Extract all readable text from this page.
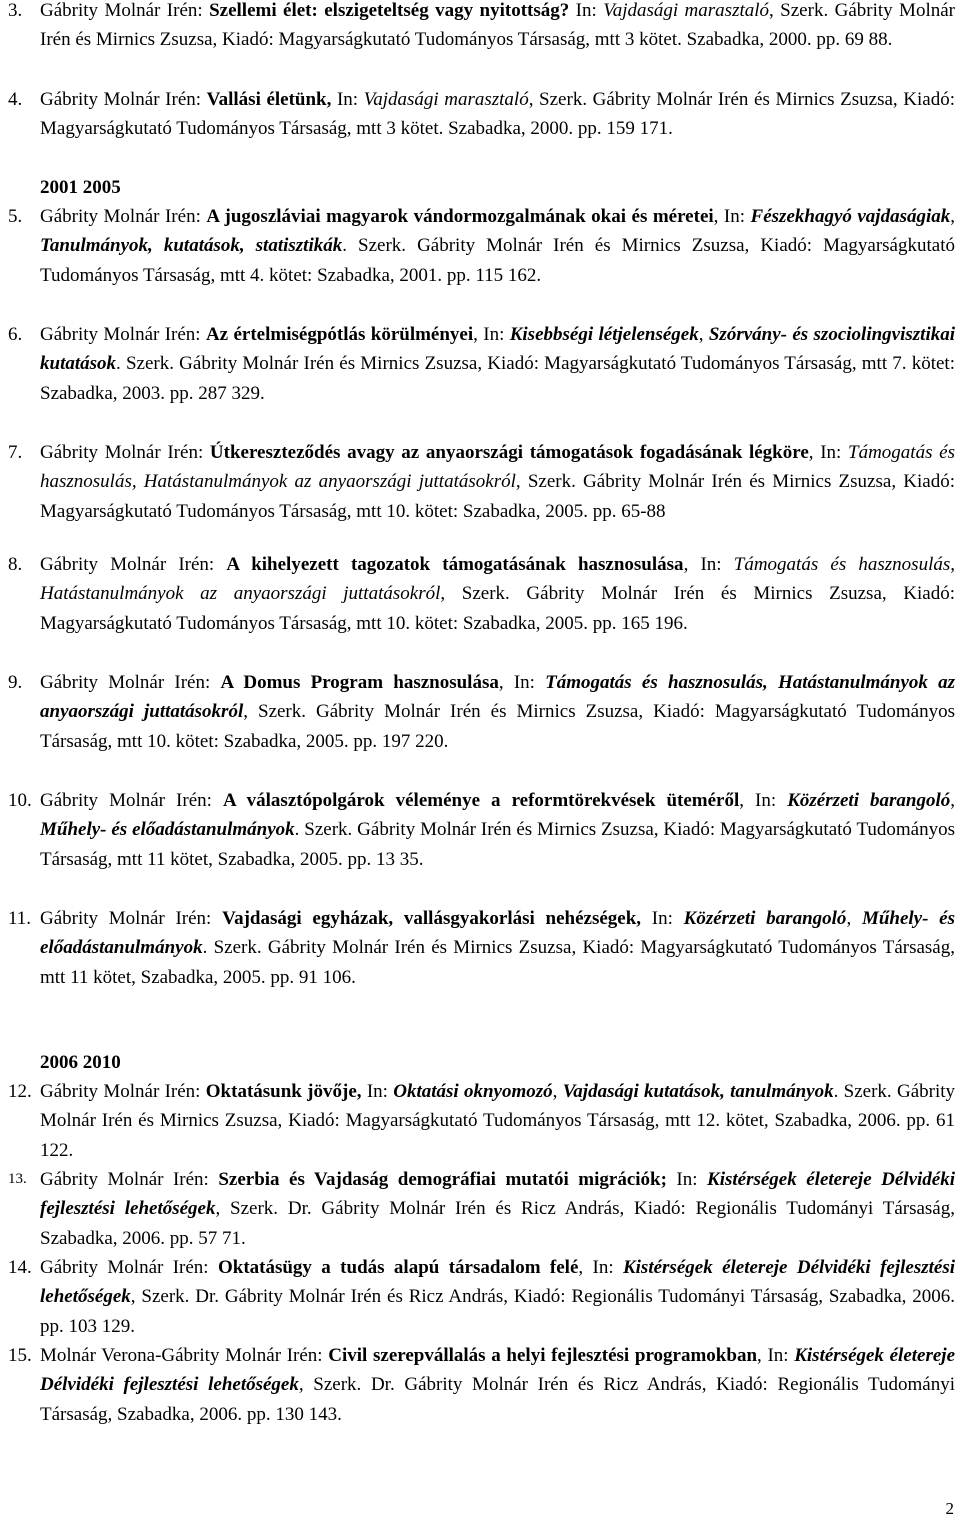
3. Gábrity Molnár Irén: Szellemi élet: elszigeteltség vagy nyitottság? In: Vajdasági marasztaló, Szerk. Gábrity Molnár Irén és Mirnics Zsuzsa, Kiadó: Magyarságkutató Tudományos Társaság, mtt 3 kötet. Szabadka, 2000. pp. 69 88.
4. Gábrity Molnár Irén: Vallási életünk, In: Vajdasági marasztaló, Szerk. Gábrity Molnár Irén és Mirnics Zsuzsa, Kiadó: Magyarságkutató Tudományos Társaság, mtt 3 kötet. Szabadka, 2000. pp. 159 171.
2001 2005
5. Gábrity Molnár Irén: A jugoszláviai magyarok vándormozgalmának okai és méretei, In: Fészekhagyó vajdaságiak, Tanulmányok, kutatások, statisztikák. Szerk. Gábrity Molnár Irén és Mirnics Zsuzsa, Kiadó: Magyarságkutató Tudományos Társaság, mtt 4. kötet: Szabadka, 2001. pp. 115 162.
6. Gábrity Molnár Irén: Az értelmiségpótlás körülményei, In: Kisebbségi létjelenségek, Szórvány- és szociolingvisztikai kutatások. Szerk. Gábrity Molnár Irén és Mirnics Zsuzsa, Kiadó: Magyarságkutató Tudományos Társaság, mtt 7. kötet: Szabadka, 2003. pp. 287 329.
7. Gábrity Molnár Irén: Útkereszteződés avagy az anyaországi támogatások fogadásának légköre, In: Támogatás és hasznosulás, Hatástanulmányok az anyaországi juttatásokról, Szerk. Gábrity Molnár Irén és Mirnics Zsuzsa, Kiadó: Magyarságkutató Tudományos Társaság, mtt 10. kötet: Szabadka, 2005. pp. 65-88
8. Gábrity Molnár Irén: A kihelyezett tagozatok támogatásának hasznosulása, In: Támogatás és hasznosulás, Hatástanulmányok az anyaországi juttatásokról, Szerk. Gábrity Molnár Irén és Mirnics Zsuzsa, Kiadó: Magyarságkutató Tudományos Társaság, mtt 10. kötet: Szabadka, 2005. pp. 165 196.
9. Gábrity Molnár Irén: A Domus Program hasznosulása, In: Támogatás és hasznosulás, Hatástanulmányok az anyaországi juttatásokról, Szerk. Gábrity Molnár Irén és Mirnics Zsuzsa, Kiadó: Magyarságkutató Tudományos Társaság, mtt 10. kötet: Szabadka, 2005. pp. 197 220.
10. Gábrity Molnár Irén: A választópolgárok véleménye a reformtörekvések üteméről, In: Közérzeti barangoló, Műhely- és előadástanulmányok. Szerk. Gábrity Molnár Irén és Mirnics Zsuzsa, Kiadó: Magyarságkutató Tudományos Társaság, mtt 11 kötet, Szabadka, 2005. pp. 13 35.
11. Gábrity Molnár Irén: Vajdasági egyházak, vallásgyakorlási nehézségek, In: Közérzeti barangoló, Műhely- és előadástanulmányok. Szerk. Gábrity Molnár Irén és Mirnics Zsuzsa, Kiadó: Magyarságkutató Tudományos Társaság, mtt 11 kötet, Szabadka, 2005. pp. 91 106.
2006 2010
12. Gábrity Molnár Irén: Oktatásunk jövője, In: Oktatási oknyomozó, Vajdasági kutatások, tanulmányok. Szerk. Gábrity Molnár Irén és Mirnics Zsuzsa, Kiadó: Magyarságkutató Tudományos Társaság, mtt 12. kötet, Szabadka, 2006. pp. 61 122.
13. Gábrity Molnár Irén: Szerbia és Vajdaság demográfiai mutatói migrációk; In: Kistérségek életereje Délvidéki fejlesztési lehetőségek, Szerk. Dr. Gábrity Molnár Irén és Ricz András, Kiadó: Regionális Tudományi Társaság, Szabadka, 2006. pp. 57 71.
14. Gábrity Molnár Irén: Oktatásügy a tudás alapú társadalom felé, In: Kistérségek életereje Délvidéki fejlesztési lehetőségek, Szerk. Dr. Gábrity Molnár Irén és Ricz András, Kiadó: Regionális Tudományi Társaság, Szabadka, 2006. pp. 103 129.
15. Molnár Verona-Gábrity Molnár Irén: Civil szerepvállalás a helyi fejlesztési programokban, In: Kistérségek életereje Délvidéki fejlesztési lehetőségek, Szerk. Dr. Gábrity Molnár Irén és Ricz András, Kiadó: Regionális Tudományi Társaság, Szabadka, 2006. pp. 130 143.
2
